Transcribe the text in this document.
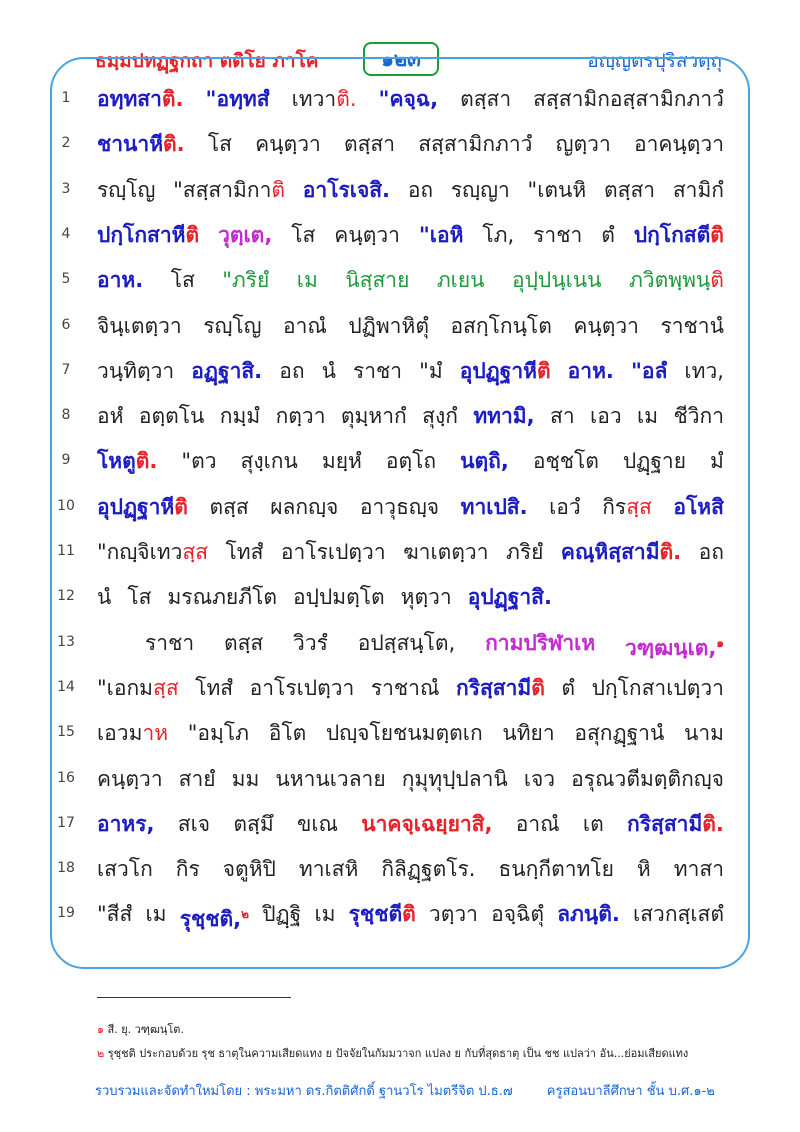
ธมฺมปทฏฺฐกถา ตติโย ภาโค	๑๒๓	อญฺญตรปุริสวตฺถุ
1	อทฺทสาติ. "อทฺทสํ เทวาติ. "คจฺฉ, ตสฺสา สสฺสามิกอสฺสามิกภาวํ
2	ชานาหีติ. โส คนฺตฺวา ตสฺสา สสฺสามิกภาวํ ญตฺวา อาคนฺตฺวา
3	รญฺโญ "สสฺสามิกาติ อาโรเจสิ. อถ รญฺญา "เตนหิ ตสฺสา สามิกํ
4	ปกฺโกสาหีติ วุตฺเต, โส คนฺตฺวา "เอหิ โภ, ราชา ตํ ปกฺโกสตีติ
5	อาห. โส "ภริยํ เม นิสฺสาย ภเยน อุปฺปนฺเนน ภวิตพฺพนฺติ
6	จินฺเตตฺวา รญฺโญ อาณํ ปฏิพาหิตุํ อสกฺโกนฺโต คนฺตฺวา ราชานํ
7	วนฺทิตฺวา อฏฺฐาสิ. อถ นํ ราชา "มํ อุปฏฺฐาหีติ อาห. "อลํ เทว,
8	อหํ อตฺตโน กมฺมํ กตฺวา ตุมฺหากํ สุงฺกํ ททามิ, สา เอว เม ชีวิกา
9	โหตูติ. "ตว สุงฺเกน มยฺหํ อตฺโถ นตฺถิ, อชฺชโต ปฏฺฐาย มํ
10 อุปฏฺฐาหีติ ตสฺส ผลกญฺจ อาวุธญฺจ ทาเปสิ. เอวํ กิรสฺส อโหสิ
11 "กญฺจิเทวสฺส โทสํ อาโรเปตฺวา ฆาเตตฺวา ภริยํ คณฺหิสฺสามีติ. อถ
12 นํ โส มรณภยภีโต อปฺปมตฺโต หุตฺวา อุปฏฺฐาสิ.
13	ราชา ตสฺส วิวรํ อปสฺสนฺโต, กามปริฬาเห วฑฺฒนฺเต,$^๑$
14 "เอกมสฺส โทสํ อาโรเปตฺวา ราชาณํ กริสฺสามีติ ตํ ปกฺโกสาเปตฺวา
15 เอวมาห "อมฺโภ อิโต ปญฺจโยชนมตฺตเก นทิยา อสุกฏฺฐานํ นาม
16 คนฺตฺวา สายํ มม นหานเวลาย กุมุทุปฺปลานิ เจว อรุณวตีมตฺติกญฺจ
17 อาหร, สเจ ตสฺมึ ขเณ นาคจฺเฉยฺยาสิ, อาณํ เต กริสฺสามีติ.
18 เสวโก กิร จตูหิปิ ทาเสหิ กิลิฏฺฐตโร. ธนกฺกีตาทโย หิ ทาสา
19 "สีสํ เม รุชฺชติ,$^๒$ ปิฏฺฐิ เม รุชฺชตีติ วตฺวา อจฺฉิตุํ ลภนฺติ. เสวกสฺเสตํ
๑ สี. ยุ. วฑฺฒนฺโต.
๒ รุชฺชติ ประกอบด้วย รุช ธาตุในความเสียดแทง ย ปัจจัยในกัมมวาจก แปลง ย กับที่สุดธาตุ เป็น ชช แปลว่า อัน...ย่อมเสียดแทง
รวบรวมและจัดทำใหม่โดย : พระมหา ดร.กิตติศักดิ์ ฐานวโร ไมตรีจิต ป.ธ.๗	ครูสอนบาลีศึกษา ชั้น บ.ศ.๑-๒
